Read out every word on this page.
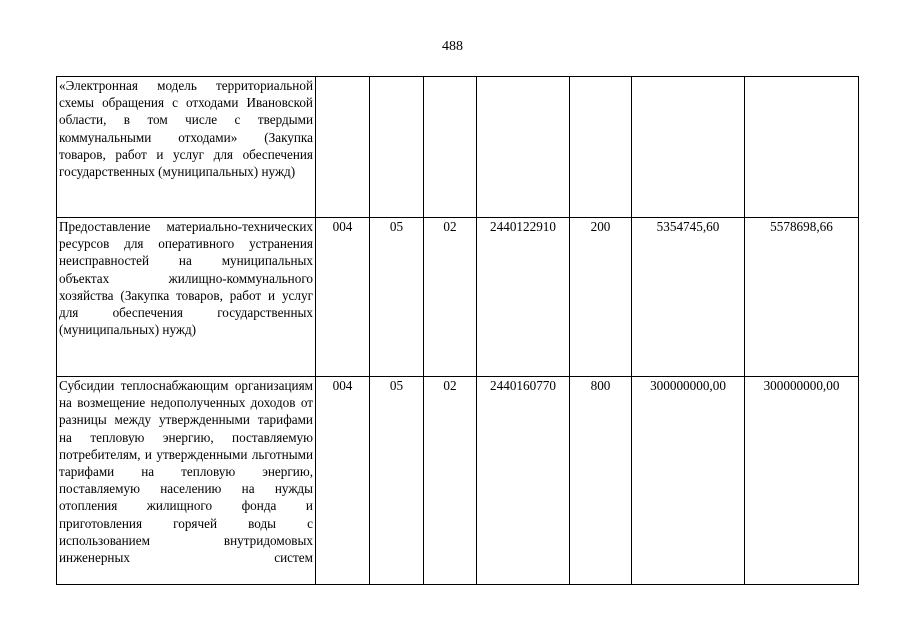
488
«Электронная модель территориальной схемы обращения с отходами Ивановской области, в том числе с твердыми коммунальными отходами» (Закупка товаров, работ и услуг для обеспечения государственных (муниципальных) нужд)							
Предоставление материально-технических ресурсов для оперативного устранения неисправностей на муниципальных объектах жилищно-коммунального хозяйства (Закупка товаров, работ и услуг для обеспечения государственных (муниципальных) нужд)	004	05	02	2440122910	200	5354745,60	5578698,66

Субсидии теплоснабжающим организациям на возмещение недополученных доходов от разницы между утвержденными тарифами на тепловую энергию, поставляемую потребителям, и утвержденными льготными тарифами на тепловую энергию, поставляемую населению на нужды отопления жилищного фонда и приготовления горячей воды с использованием внутридомовых инженерных систем	004	05	02	2440160770	800	300000000,00	300000000,00
